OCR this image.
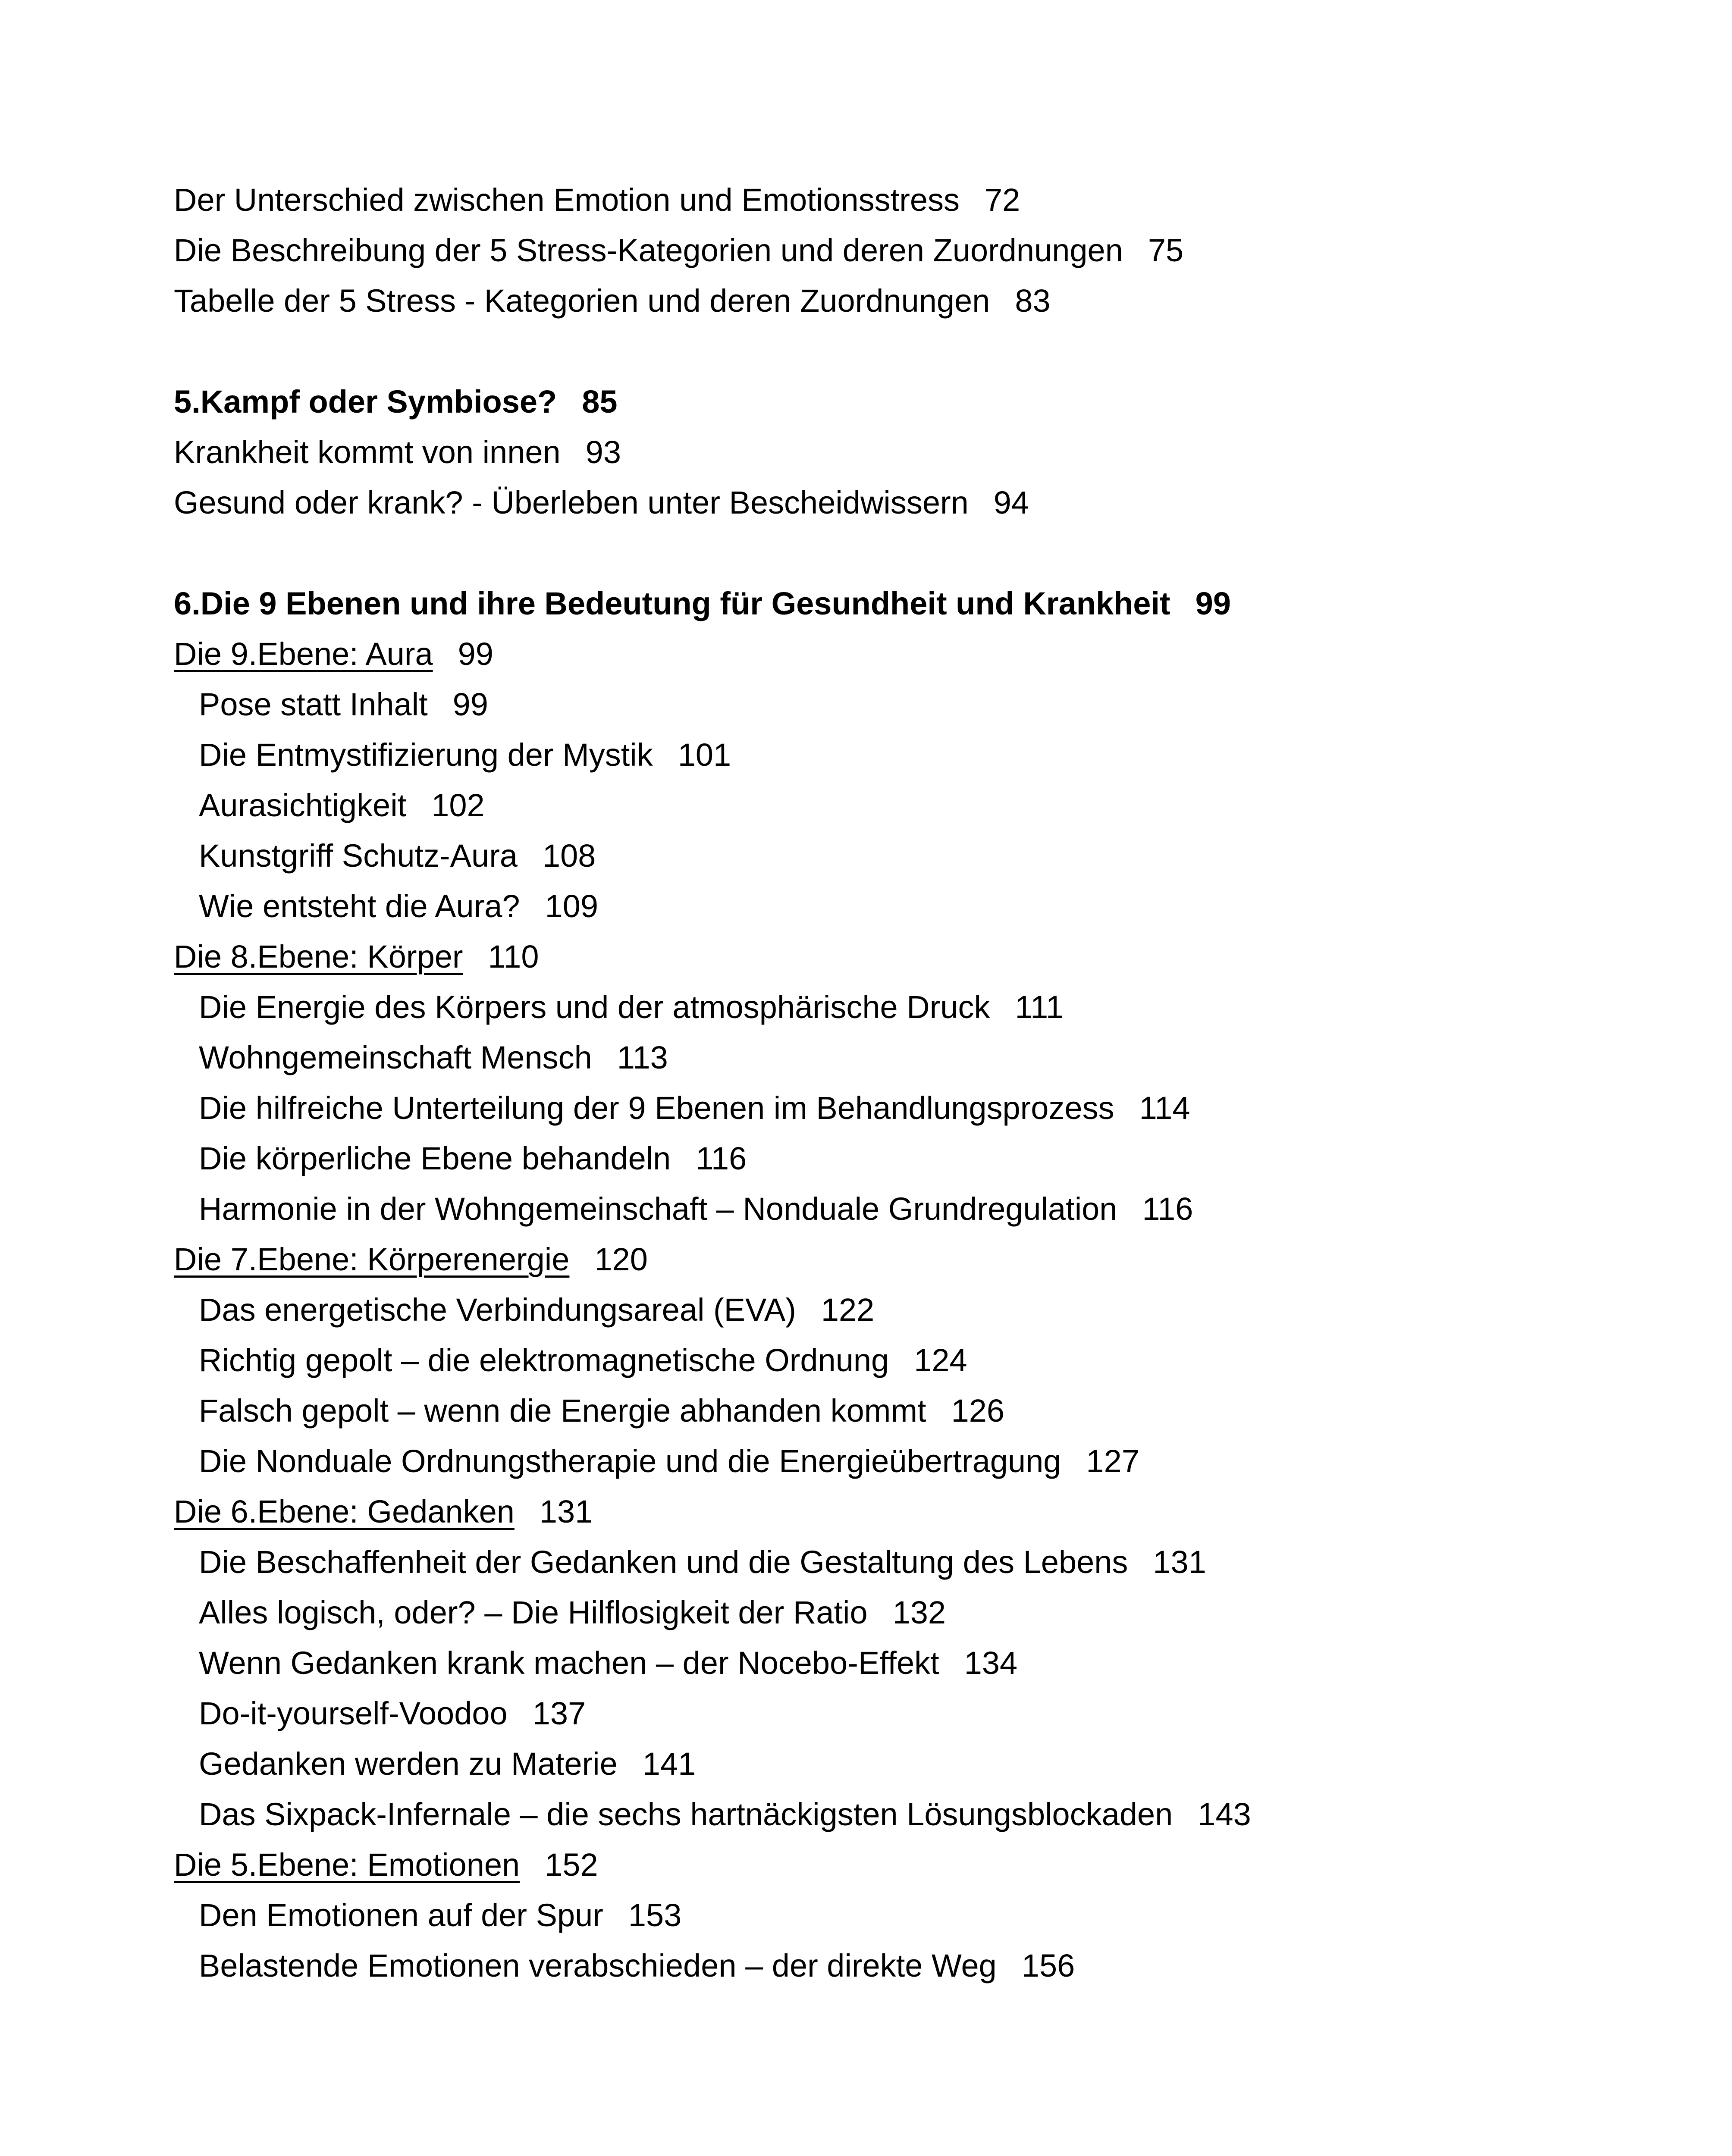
Der Unterschied zwischen Emotion und Emotionsstress 72
Die Beschreibung der 5 Stress-Kategorien und deren Zuordnungen 75
Tabelle der 5 Stress - Kategorien und deren Zuordnungen 83
5.Kampf oder Symbiose? 85
Krankheit kommt von innen 93
Gesund oder krank? - Überleben unter Bescheidwissern 94
6.Die 9 Ebenen und ihre Bedeutung für Gesundheit und Krankheit 99
Die 9.Ebene: Aura 99
Pose statt Inhalt 99
Die Entmystifizierung der Mystik 101
Aurasichtigkeit 102
Kunstgriff Schutz-Aura 108
Wie entsteht die Aura? 109
Die 8.Ebene: Körper 110
Die Energie des Körpers und der atmosphärische Druck 111
Wohngemeinschaft Mensch 113
Die hilfreiche Unterteilung der 9 Ebenen im Behandlungsprozess 114
Die körperliche Ebene behandeln 116
Harmonie in der Wohngemeinschaft – Nonduale Grundregulation 116
Die 7.Ebene: Körperenergie 120
Das energetische Verbindungsareal (EVA) 122
Richtig gepolt – die elektromagnetische Ordnung 124
Falsch gepolt – wenn die Energie abhanden kommt 126
Die Nonduale Ordnungstherapie und die Energieübertragung 127
Die 6.Ebene: Gedanken 131
Die Beschaffenheit der Gedanken und die Gestaltung des Lebens 131
Alles logisch, oder? – Die Hilflosigkeit der Ratio 132
Wenn Gedanken krank machen – der Nocebo-Effekt 134
Do-it-yourself-Voodoo 137
Gedanken werden zu Materie 141
Das Sixpack-Infernale – die sechs hartnäckigsten Lösungsblockaden 143
Die 5.Ebene: Emotionen 152
Den Emotionen auf der Spur 153
Belastende Emotionen verabschieden – der direkte Weg 156
